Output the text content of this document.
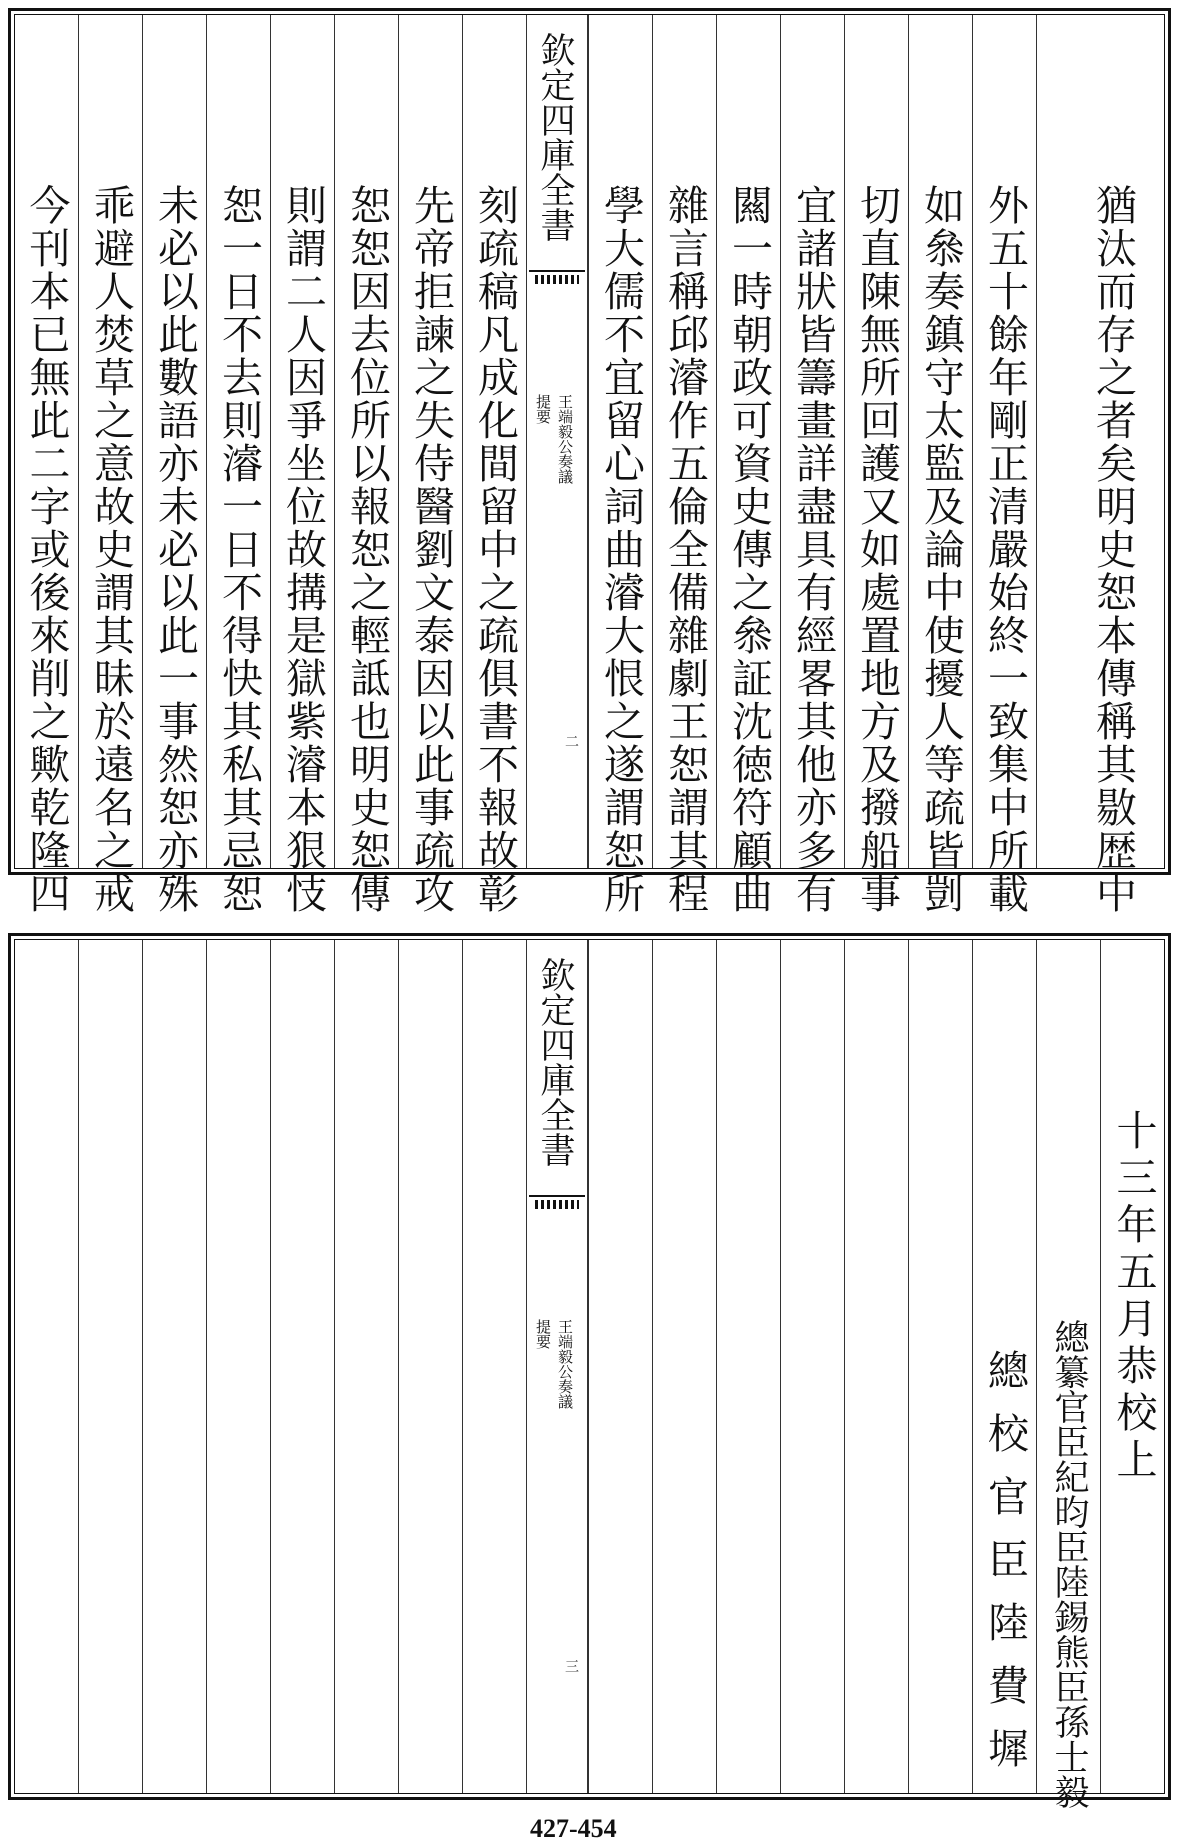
今刊本已無此二字或後來削之歟乾隆四 乖避人焚草之意故史謂其昧於遠名之戒 未必以此數語亦未必以此一事然恕亦殊 恕一日不去則濬一日不得快其私其忌恕 則謂二人因爭坐位故搆是獄紫濬本狠忮 恕恕因去位所以報恕之輕詆也明史恕傳 先帝拒諫之失侍醫劉文泰因以此事疏攻 刻疏稿凡成化間留中之疏俱書不報故彰
欽定四庫全書
王端毅公奏議
提要
二 學大儒不宜留心詞曲濬大恨之遂謂恕所 雜言稱邱濬作五倫全備雜劇王恕謂其程 闗一時朝政可資史傳之叅証沈徳符顧曲 宜諸狀皆籌畫詳盡具有經畧其他亦多有 切直陳無所回護又如處置地方及撥船事 如叅奏鎮守太監及論中使擾人等疏皆剴 外五十餘年剛正清嚴始終一致集中所載 猶汰而存之者矣明史恕本傳稱其敭歴中
欽定四庫全書
王端毅公奏議
提要
三	總校官臣陸費墀 總纂官臣紀昀臣陸錫熊臣孫士毅
十三年五月恭校上
427-454
